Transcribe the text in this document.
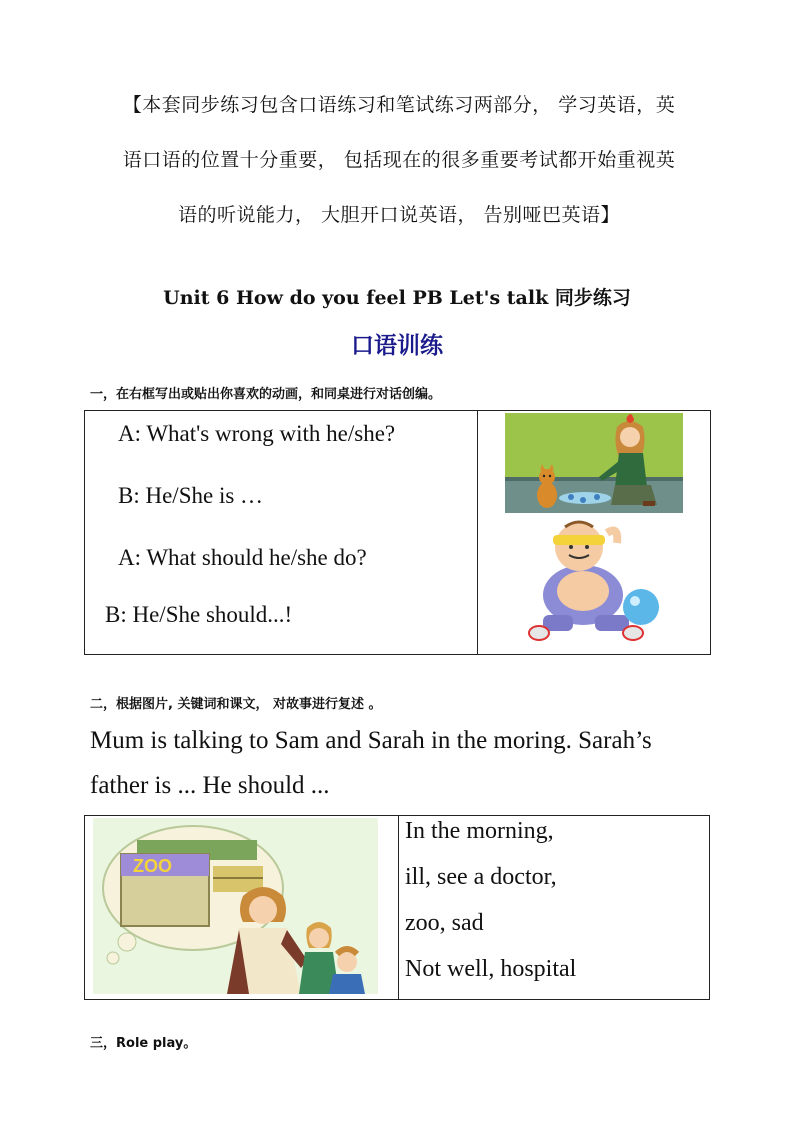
【本套同步练习包含口语练习和笔试练习两部分， 学习英语，英
语口语的位置十分重要， 包括现在的很多重要考试都开始重视英
语的听说能力， 大胆开口说英语， 告别哑巴英语】
Unit 6 How do you feel PB Let's talk 同步练习
口语训练
一，在右框写出或贴出你喜欢的动画，和同桌进行对话创编。
A: What's wrong with he/she?
B: He/She is …
A: What should he/she do?
B: He/She should...!
二，根据图片, 关键词和课文， 对故事进行复述 。
Mum is talking to Sam and Sarah in the moring. Sarah’s
father is ... He should ...
ZOO
In the morning,
ill, see a doctor,
zoo, sad
Not well, hospital
三，Role play。
